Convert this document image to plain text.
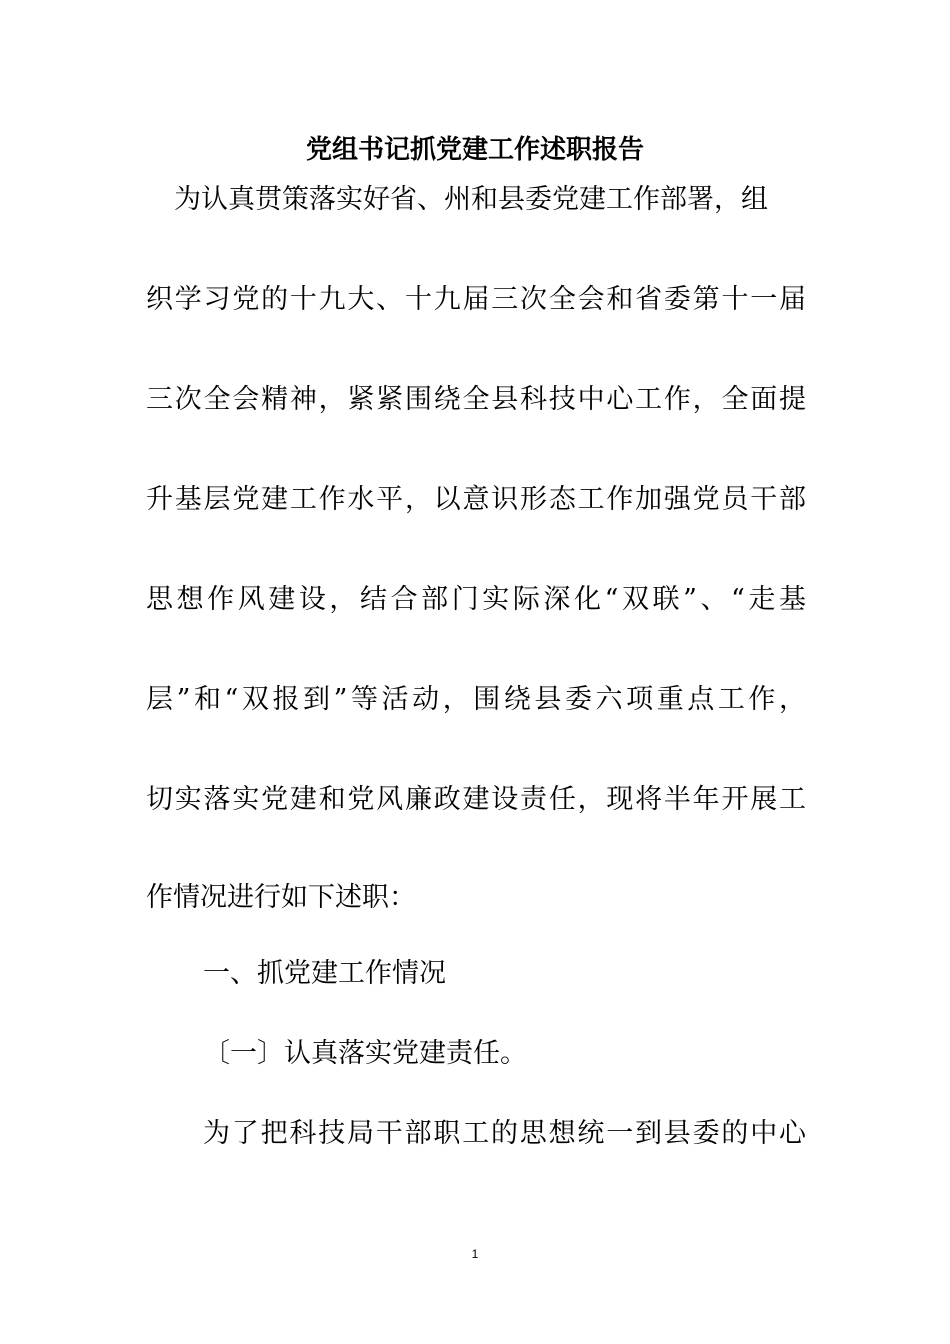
党组书记抓党建工作述职报告
为认真贯策落实好省、州和县委党建工作部署，组
织学习党的十九大、十九届三次全会和省委第十一届
三次全会精神，紧紧围绕全县科技中心工作，全面提
升基层党建工作水平，以意识形态工作加强党员干部
思想作风建设，结合部门实际深化“双联”、“走基
层”和“双报到”等活动，围绕县委六项重点工作，
切实落实党建和党风廉政建设责任，现将半年开展工
作情况进行如下述职：
一、抓党建工作情况
〔一〕认真落实党建责任。
为了把科技局干部职工的思想统一到县委的中心
1
